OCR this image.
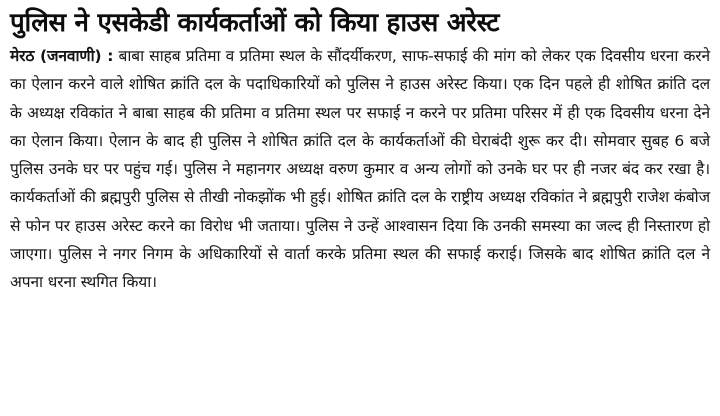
पुलिस ने एसकेडी कार्यकर्ताओं को किया हाउस अरेस्ट

मेरठ (जनवाणी) : बाबा साहब प्रतिमा व प्रतिमा स्थल के सौंदर्यीकरण, साफ-सफाई की मांग को लेकर एक दिवसीय धरना करने का ऐलान करने वाले शोषित क्रांति दल के पदाधिकारियों को पुलिस ने हाउस अरेस्ट किया। एक दिन पहले ही शोषित क्रांति दल के अध्यक्ष रविकांत ने बाबा साहब की प्रतिमा व प्रतिमा स्थल पर सफाई न करने पर प्रतिमा परिसर में ही एक दिवसीय धरना देने का ऐलान किया। ऐलान के बाद ही पुलिस ने शोषित क्रांति दल के कार्यकर्ताओं की घेराबंदी शुरू कर दी। सोमवार सुबह 6 बजे पुलिस उनके घर पर पहुंच गई। पुलिस ने महानगर अध्यक्ष वरुण कुमार व अन्य लोगों को उनके घर पर ही नजर बंद कर रखा है। कार्यकर्ताओं की ब्रह्मपुरी पुलिस से तीखी नोकझोंक भी हुई। शोषित क्रांति दल के राष्ट्रीय अध्यक्ष रविकांत ने ब्रह्मपुरी राजेश कंबोज से फोन पर हाउस अरेस्ट करने का विरोध भी जताया। पुलिस ने उन्हें आश्वासन दिया कि उनकी समस्या का जल्द ही निस्तारण हो जाएगा। पुलिस ने नगर निगम के अधिकारियों से वार्ता करके प्रतिमा स्थल की सफाई कराई। जिसके बाद शोषित क्रांति दल ने अपना धरना स्थगित किया।
